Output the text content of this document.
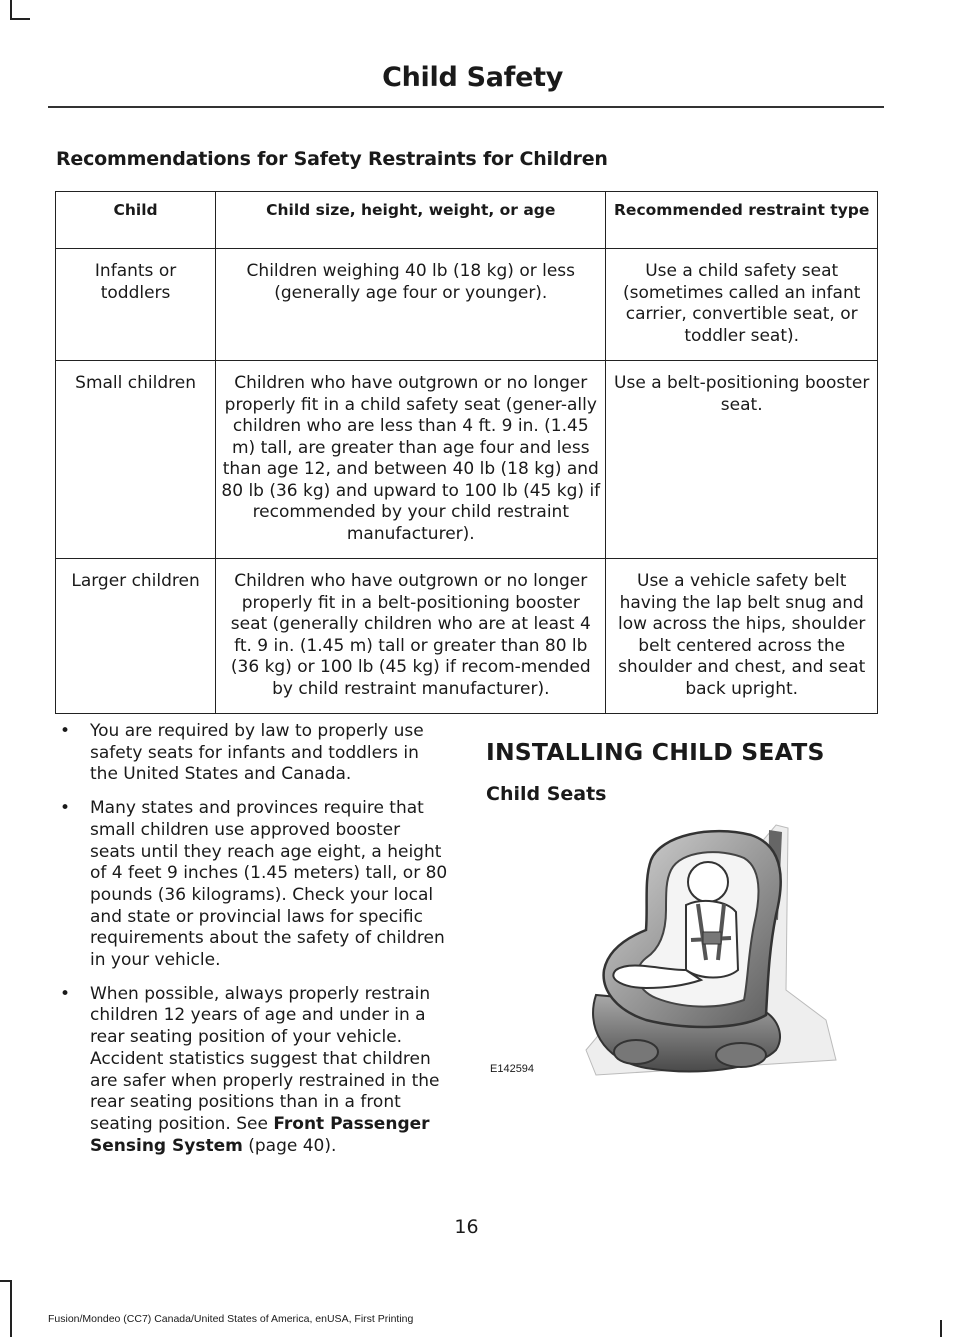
Child Safety
Recommendations for Safety Restraints for Children
Child	Child size, height, weight, or age	Recommended restraint type
Infants or toddlers	Children weighing 40 lb (18 kg) or less (generally age four or younger).	Use a child safety seat (sometimes called an infant carrier, convertible seat, or toddler seat).
Small children	Children who have outgrown or no longer properly fit in a child safety seat (gener-ally children who are less than 4 ft. 9 in. (1.45 m) tall, are greater than age four and less than age 12, and between 40 lb (18 kg) and 80 lb (36 kg) and upward to 100 lb (45 kg) if recommended by your child restraint manufacturer).	Use a belt-positioning booster seat.
Larger children	Children who have outgrown or no longer properly fit in a belt-positioning booster seat (generally children who are at least 4 ft. 9 in. (1.45 m) tall or greater than 80 lb (36 kg) or 100 lb (45 kg) if recom-mended by child restraint manufacturer).	Use a vehicle safety belt having the lap belt snug and low across the hips, shoulder belt centered across the shoulder and chest, and seat back upright.
•	You are required by law to properly use safety seats for infants and toddlers in the United States and Canada.
•	Many states and provinces require that small children use approved booster seats until they reach age eight, a height of 4 feet 9 inches (1.45 meters) tall, or 80 pounds (36 kilograms). Check your local and state or provincial laws for specific requirements about the safety of children in your vehicle.
•	When possible, always properly restrain children 12 years of age and under in a rear seating position of your vehicle. Accident statistics suggest that children are safer when properly restrained in the rear seating positions than in a front seating position. See Front Passenger Sensing System (page 40).
INSTALLING CHILD SEATS
Child Seats
E142594
16
Fusion/Mondeo (CC7) Canada/United States of America, enUSA, First Printing
